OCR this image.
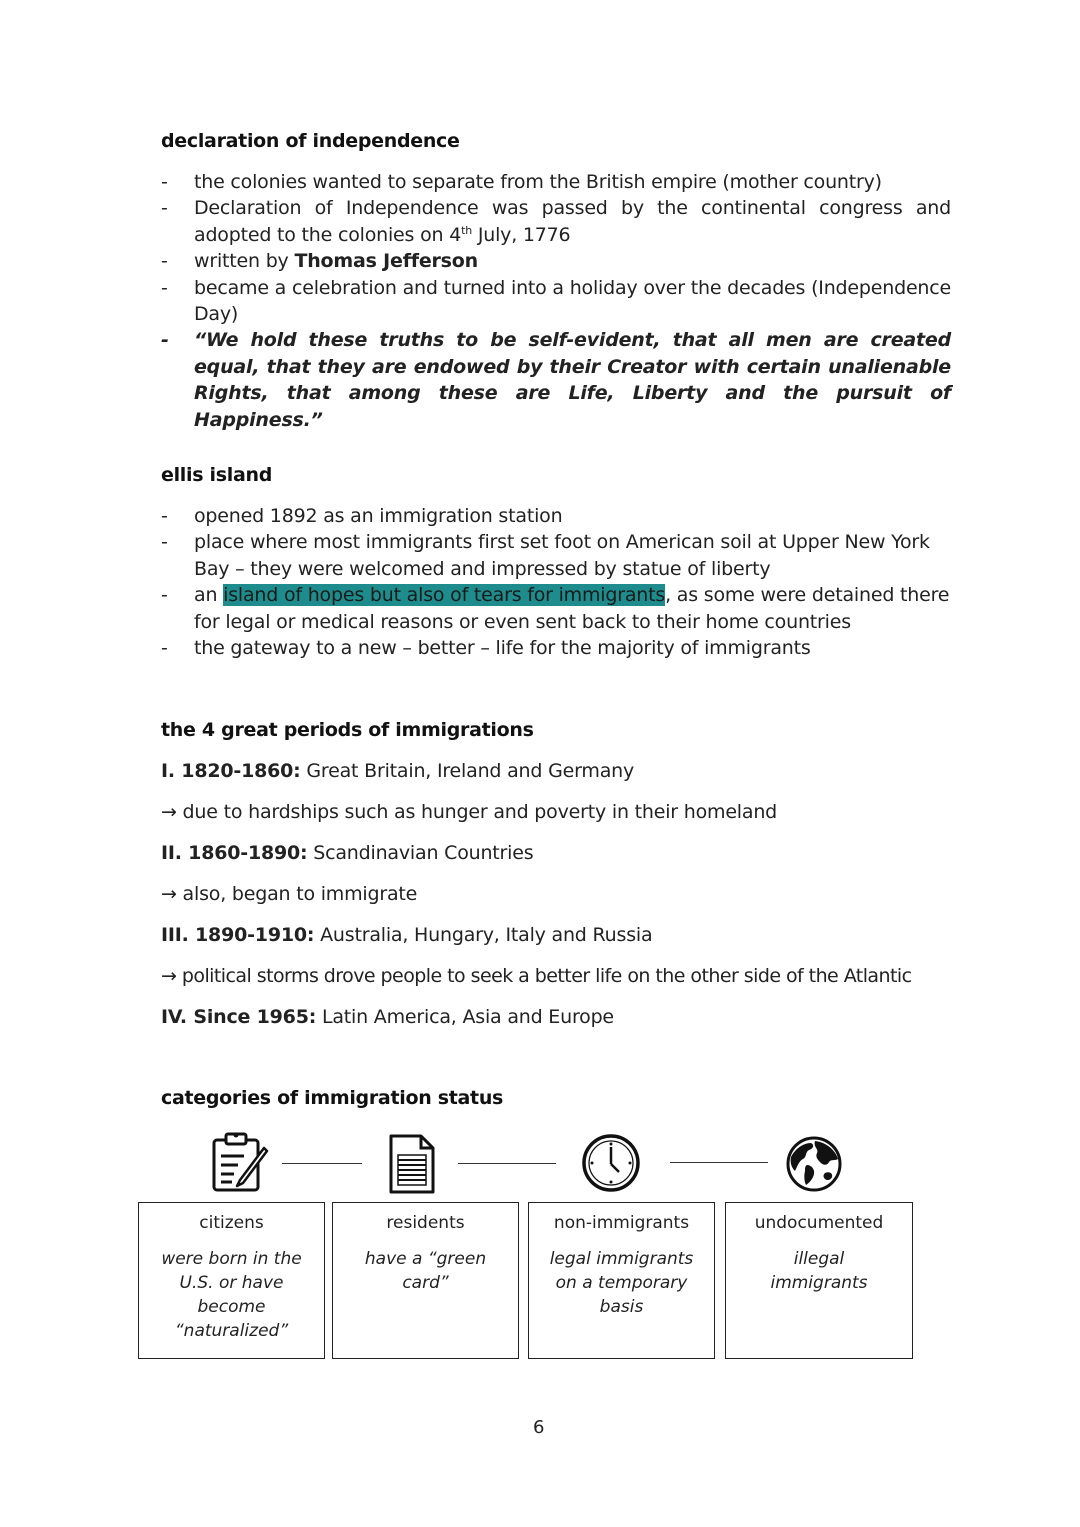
declaration of independence
- the colonies wanted to separate from the British empire (mother country)
- Declaration of Independence was passed by the continental congress and adopted to the colonies on 4th July, 1776
- written by Thomas Jefferson
- became a celebration and turned into a holiday over the decades (Independence Day)
- “We hold these truths to be self-evident, that all men are created equal, that they are endowed by their Creator with certain unalienable Rights, that among these are Life, Liberty and the pursuit of Happiness.”
ellis island
- opened 1892 as an immigration station
- place where most immigrants first set foot on American soil at Upper New York Bay – they were welcomed and impressed by statue of liberty
- an island of hopes but also of tears for immigrants, as some were detained there for legal or medical reasons or even sent back to their home countries
- the gateway to a new – better – life for the majority of immigrants
the 4 great periods of immigrations
I. 1820-1860: Great Britain, Ireland and Germany
→ due to hardships such as hunger and poverty in their homeland
II. 1860-1890: Scandinavian Countries
→ also, began to immigrate
III. 1890-1910: Australia, Hungary, Italy and Russia
→ political storms drove people to seek a better life on the other side of the Atlantic
IV. Since 1965: Latin America, Asia and Europe
categories of immigration status
citizens
were born in the U.S. or have become “naturalized”
residents
have a “green card”
non-immigrants
legal immigrants on a temporary basis
undocumented
illegal immigrants
6
